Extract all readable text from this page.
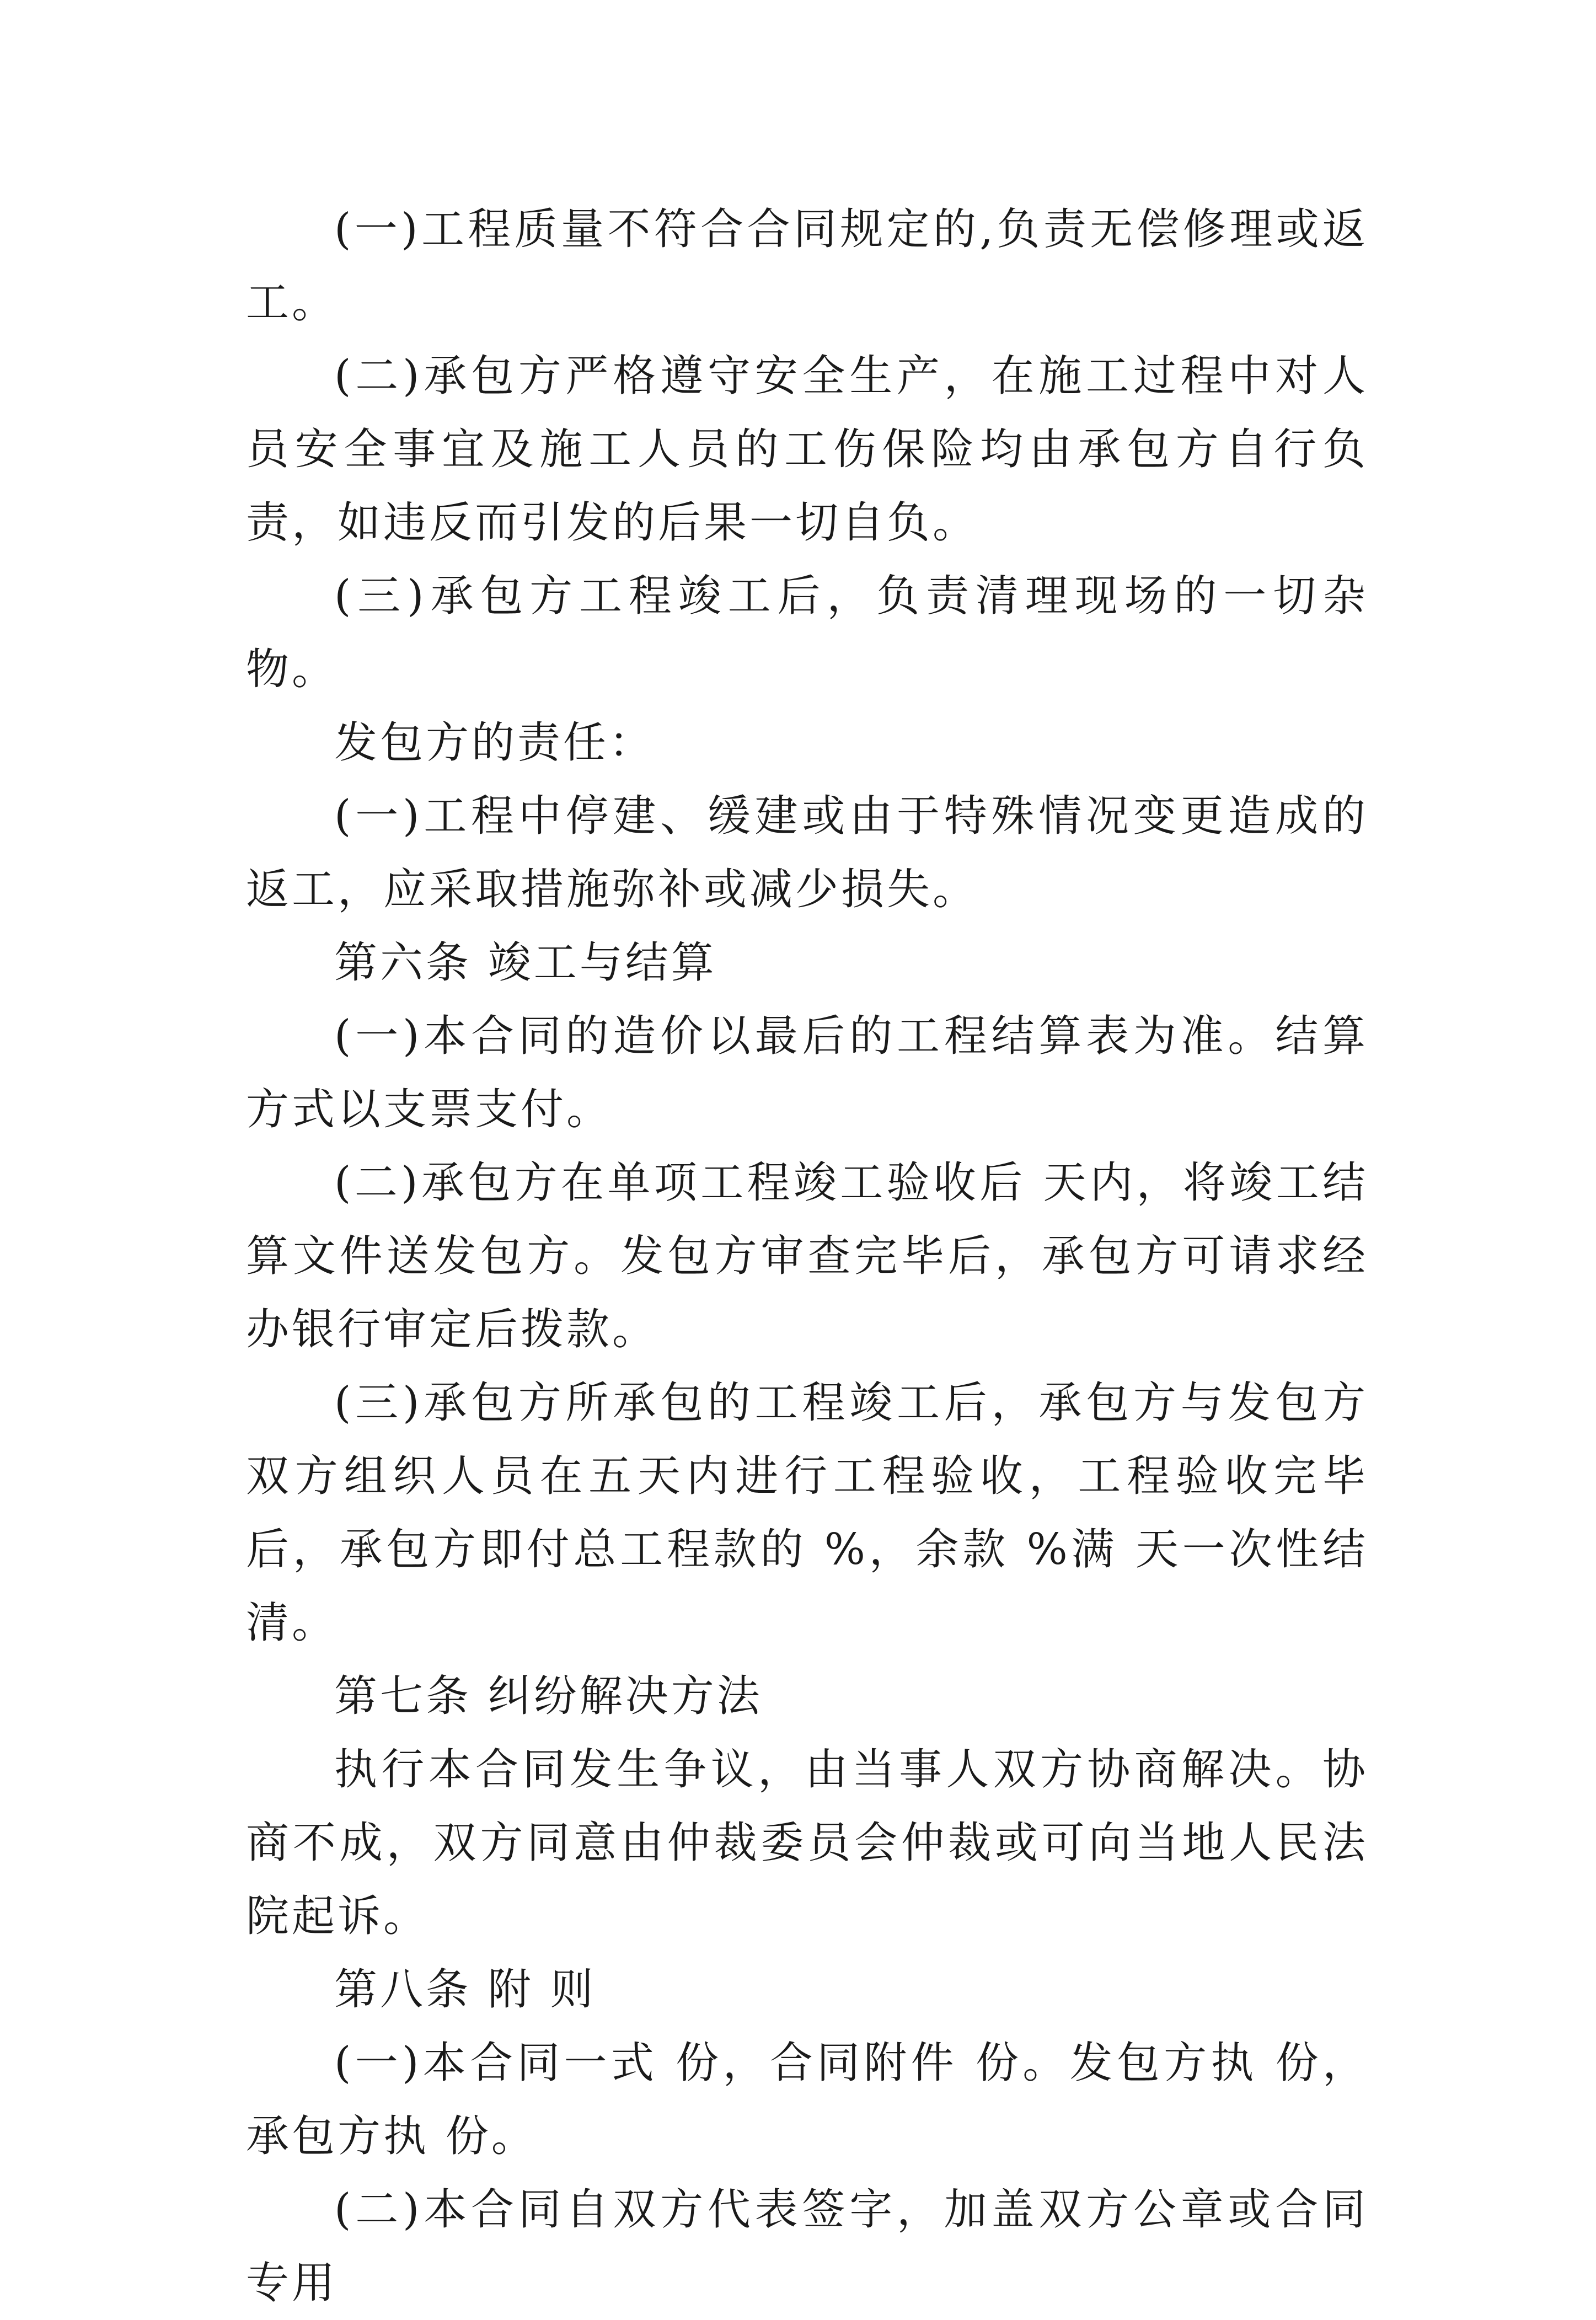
(一)工程质量不符合合同规定的,负责无偿修理或返工。

(二)承包方严格遵守安全生产，在施工过程中对人员安全事宜及施工人员的工伤保险均由承包方自行负责，如违反而引发的后果一切自负。

(三)承包方工程竣工后，负责清理现场的一切杂物。

发包方的责任：

(一)工程中停建、缓建或由于特殊情况变更造成的返工，应采取措施弥补或减少损失。

第六条 竣工与结算

(一)本合同的造价以最后的工程结算表为准。结算方式以支票支付。

(二)承包方在单项工程竣工验收后 天内，将竣工结算文件送发包方。发包方审查完毕后，承包方可请求经办银行审定后拨款。

(三)承包方所承包的工程竣工后，承包方与发包方双方组织人员在五天内进行工程验收，工程验收完毕后，承包方即付总工程款的 %，余款 %满 天一次性结清。

第七条 纠纷解决方法

执行本合同发生争议，由当事人双方协商解决。协商不成，双方同意由仲裁委员会仲裁或可向当地人民法院起诉。

第八条 附 则

(一)本合同一式 份，合同附件 份。发包方执 份，承包方执 份。

(二)本合同自双方代表签字，加盖双方公章或合同专用
